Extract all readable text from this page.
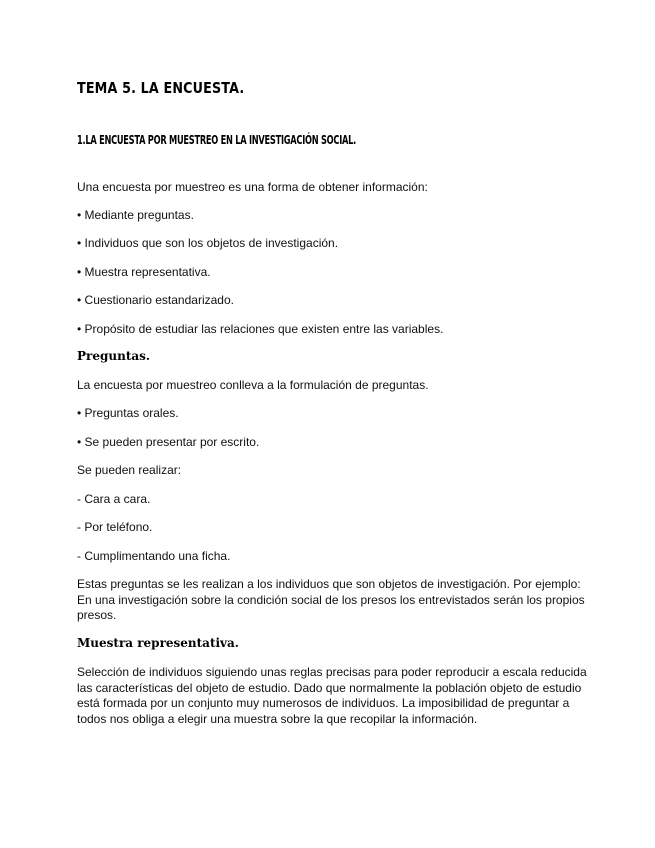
TEMA 5. LA ENCUESTA.
1.LA ENCUESTA POR MUESTREO EN LA INVESTIGACIÓN SOCIAL.
Una encuesta por muestreo es una forma de obtener información:
• Mediante preguntas.
• Individuos que son los objetos de investigación.
• Muestra representativa.
• Cuestionario estandarizado.
• Propósito de estudiar las relaciones que existen entre las variables.
Preguntas.
La encuesta por muestreo conlleva a la formulación de preguntas.
• Preguntas orales.
• Se pueden presentar por escrito.
Se pueden realizar:
- Cara a cara.
- Por teléfono.
- Cumplimentando una ficha.
Estas preguntas se les realizan a los individuos que son objetos de investigación. Por ejemplo: En una investigación sobre la condición social de los presos los entrevistados serán los propios presos.
Muestra representativa.
Selección de individuos siguiendo unas reglas precisas para poder reproducir a escala reducida las características del objeto de estudio. Dado que normalmente la población objeto de estudio está formada por un conjunto muy numerosos de individuos. La imposibilidad de preguntar a todos nos obliga a elegir una muestra sobre la que recopilar la información.
